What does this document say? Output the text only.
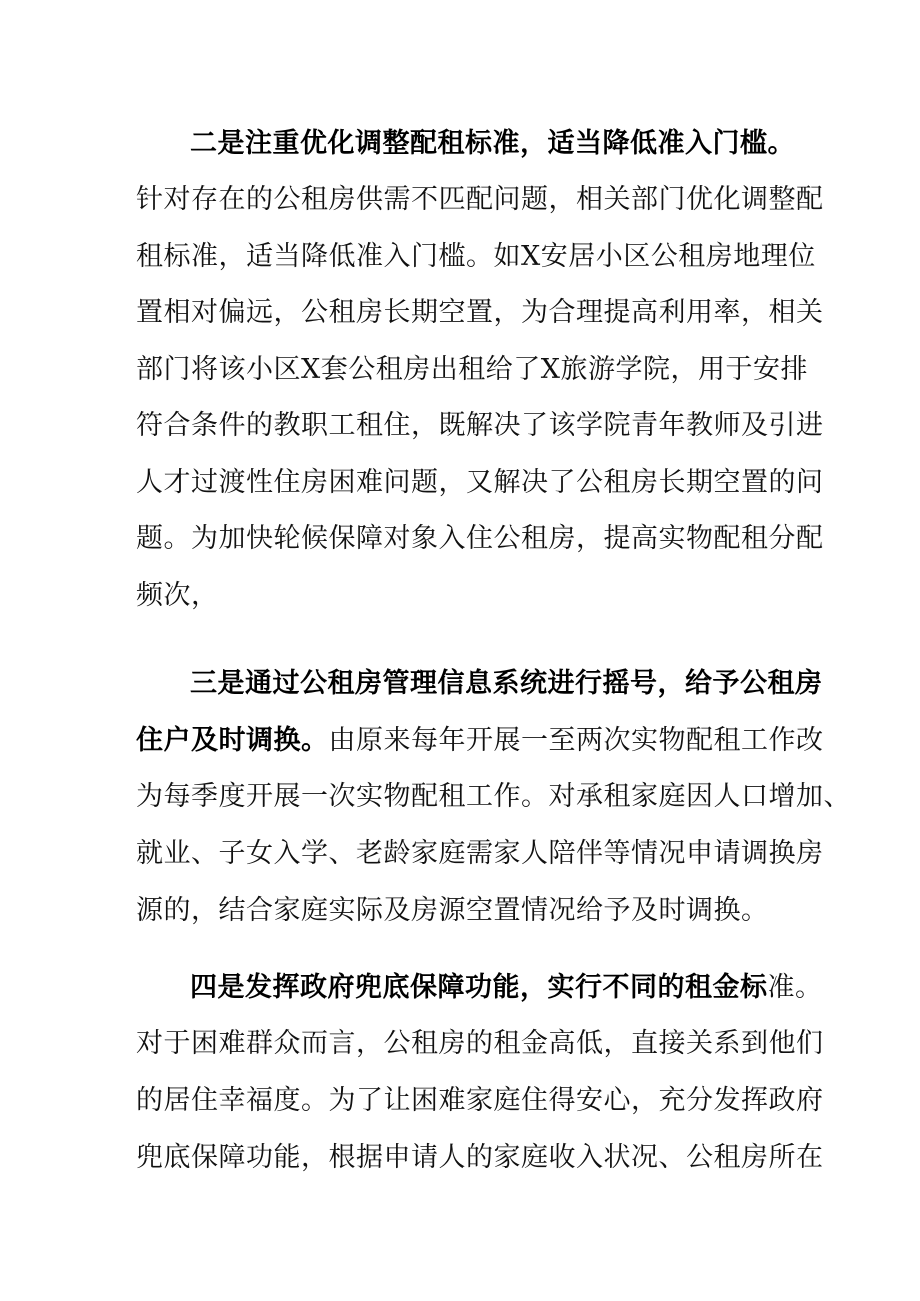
二是注重优化调整配租标准，适当降低准入门槛。
针对存在的公租房供需不匹配问题，相关部门优化调整配
租标准，适当降低准入门槛。如X安居小区公租房地理位
置相对偏远，公租房长期空置，为合理提高利用率，相关
部门将该小区X套公租房出租给了X旅游学院，用于安排
符合条件的教职工租住，既解决了该学院青年教师及引进
人才过渡性住房困难问题，又解决了公租房长期空置的问
题。为加快轮候保障对象入住公租房，提高实物配租分配
频次，
三是通过公租房管理信息系统进行摇号，给予公租房
住户及时调换。由原来每年开展一至两次实物配租工作改
为每季度开展一次实物配租工作。对承租家庭因人口增加、
就业、子女入学、老龄家庭需家人陪伴等情况申请调换房
源的，结合家庭实际及房源空置情况给予及时调换。
四是发挥政府兜底保障功能，实行不同的租金标准。
对于困难群众而言，公租房的租金高低，直接关系到他们
的居住幸福度。为了让困难家庭住得安心，充分发挥政府
兜底保障功能，根据申请人的家庭收入状况、公租房所在
